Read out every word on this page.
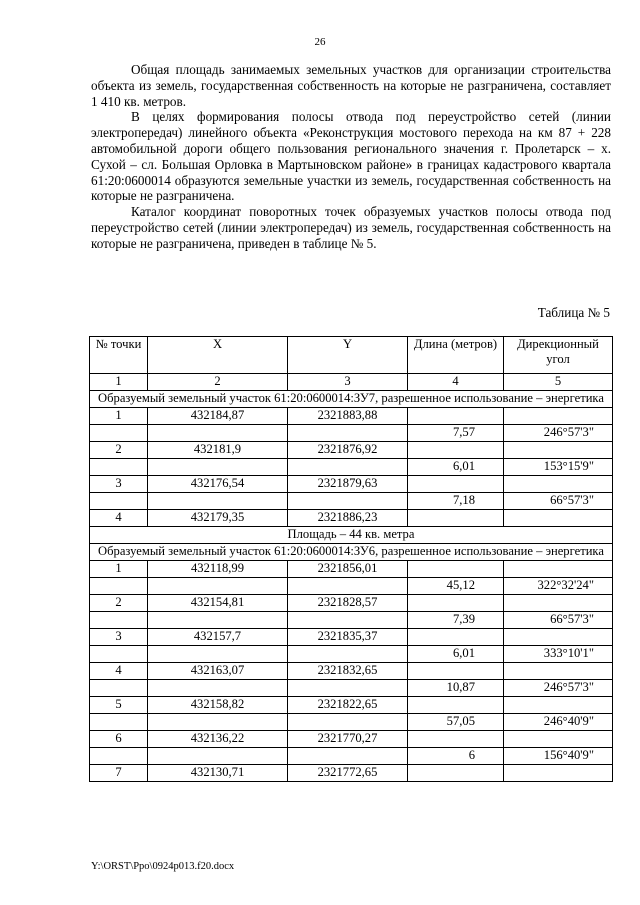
26

Общая площадь занимаемых земельных участков для организации строительства объекта из земель, государственная собственность на которые не разграничена, составляет 1 410 кв. метров.

В целях формирования полосы отвода под переустройство сетей (линии электропередач) линейного объекта «Реконструкция мостового перехода на км 87 + 228 автомобильной дороги общего пользования регионального значения г. Пролетарск – х. Сухой – сл. Большая Орловка в Мартыновском районе» в границах кадастрового квартала 61:20:0600014 образуются земельные участки из земель, государственная собственность на которые не разграничена.

Каталог координат поворотных точек образуемых участков полосы отвода под переустройство сетей (линии электропередач) из земель, государственная собственность на которые не разграничена, приведен в таблице № 5.

Таблица № 5
№ точки	X	Y	Длина (метров)	Дирекционный угол
1	2	3	4	5
Образуемый земельный участок 61:20:0600014:ЗУ7, разрешенное использование – энергетика				
1	432184,87	2321883,88		
			7,57	246°57'3"
2	432181,9	2321876,92		
			6,01	153°15'9"
3	432176,54	2321879,63		
			7,18	66°57'3"
4	432179,35	2321886,23		
Площадь – 44 кв. метра				
Образуемый земельный участок 61:20:0600014:ЗУ6, разрешенное использование – энергетика				
1	432118,99	2321856,01		
			45,12	322°32'24"
2	432154,81	2321828,57		
			7,39	66°57'3"
3	432157,7	2321835,37		
			6,01	333°10'1"
4	432163,07	2321832,65		
			10,87	246°57'3"
5	432158,82	2321822,65		
			57,05	246°40'9"
6	432136,22	2321770,27		
			6	156°40'9"
7	432130,71	2321772,65		
Y:\ORST\Ppo\0924p013.f20.docx
